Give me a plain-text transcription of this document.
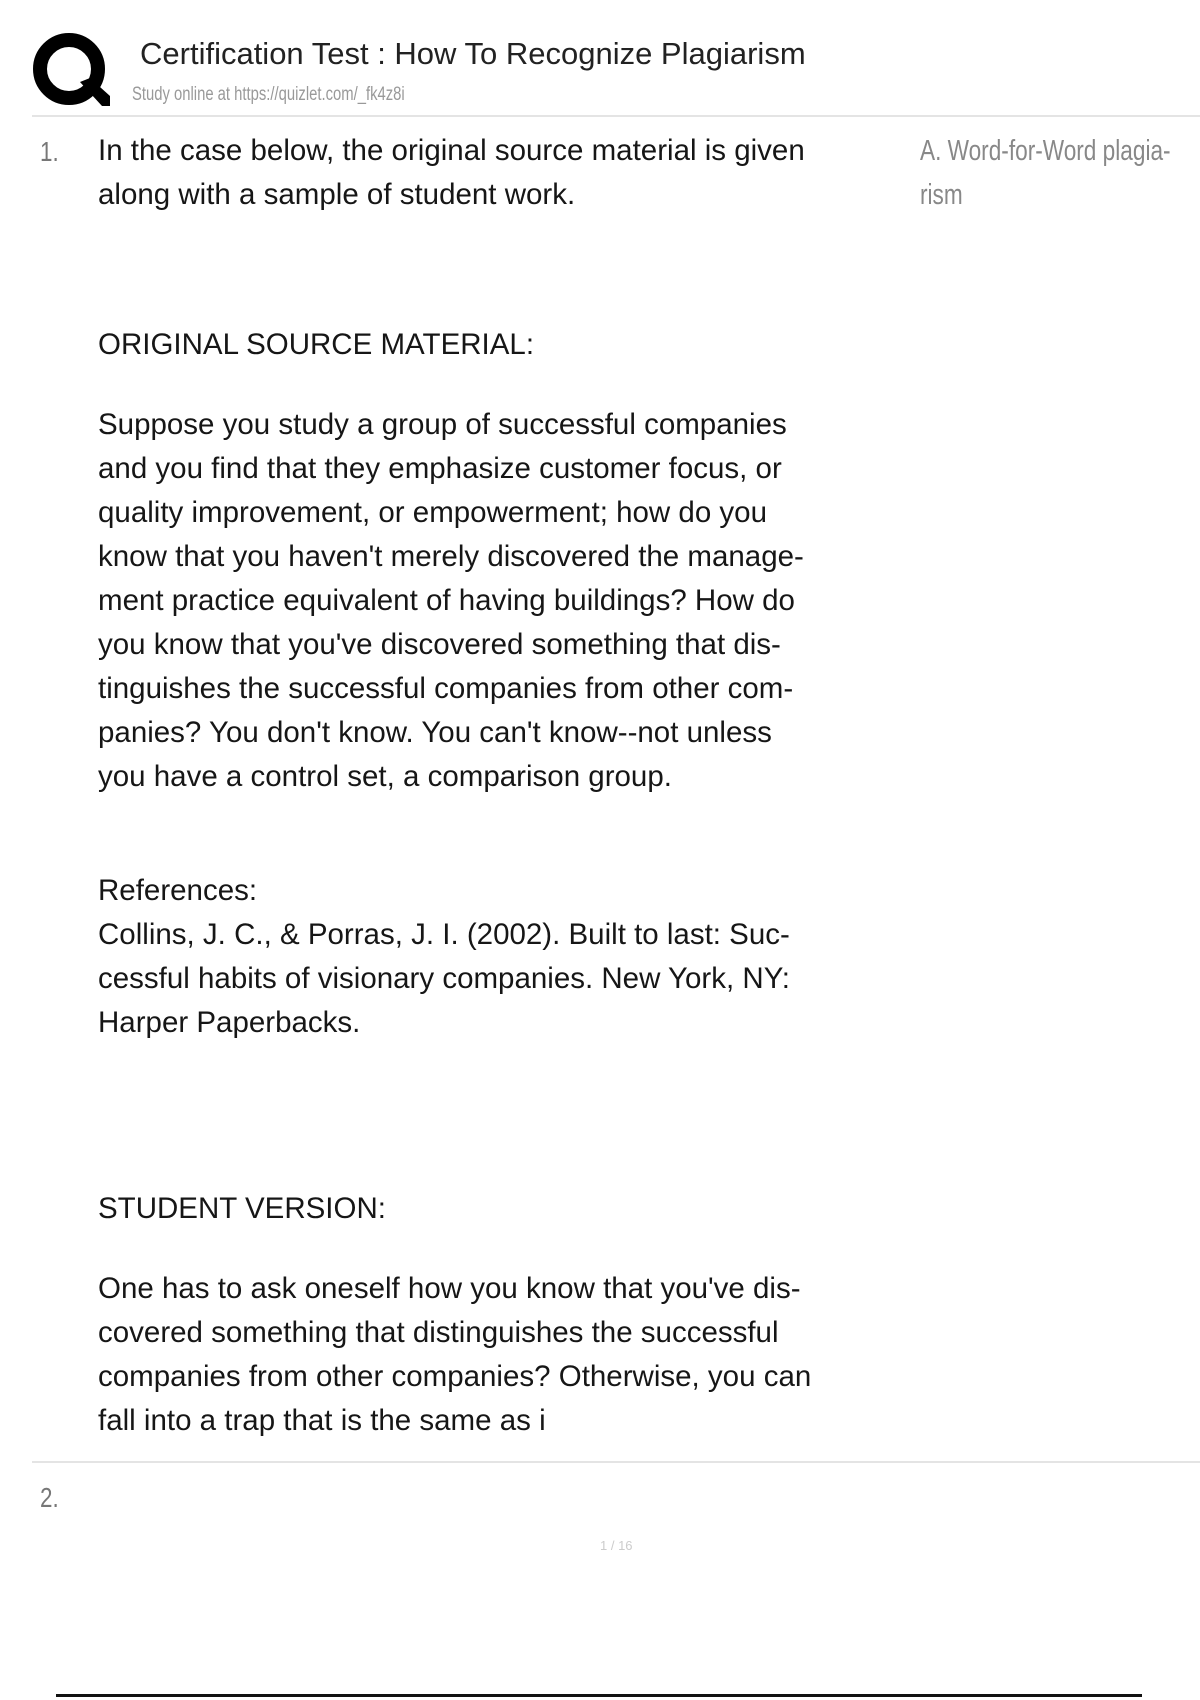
Certification Test : How To Recognize Plagiarism
Study online at https://quizlet.com/_fk4z8i
1.	A. Word-for-Word plagia-
rism
In the case below, the original source material is given
along with a sample of student work.
ORIGINAL SOURCE MATERIAL:
Suppose you study a group of successful companies
and you find that they emphasize customer focus, or
quality improvement, or empowerment; how do you
know that you haven't merely discovered the manage-
ment practice equivalent of having buildings? How do
you know that you've discovered something that dis-
tinguishes the successful companies from other com-
panies? You don't know. You can't know--not unless
you have a control set, a comparison group.
References:
Collins, J. C., & Porras, J. I. (2002). Built to last: Suc-
cessful habits of visionary companies. New York, NY:
Harper Paperbacks.
STUDENT VERSION:
One has to ask oneself how you know that you've dis-
covered something that distinguishes the successful
companies from other companies? Otherwise, you can
fall into a trap that is the same as i
2.
1 / 16
